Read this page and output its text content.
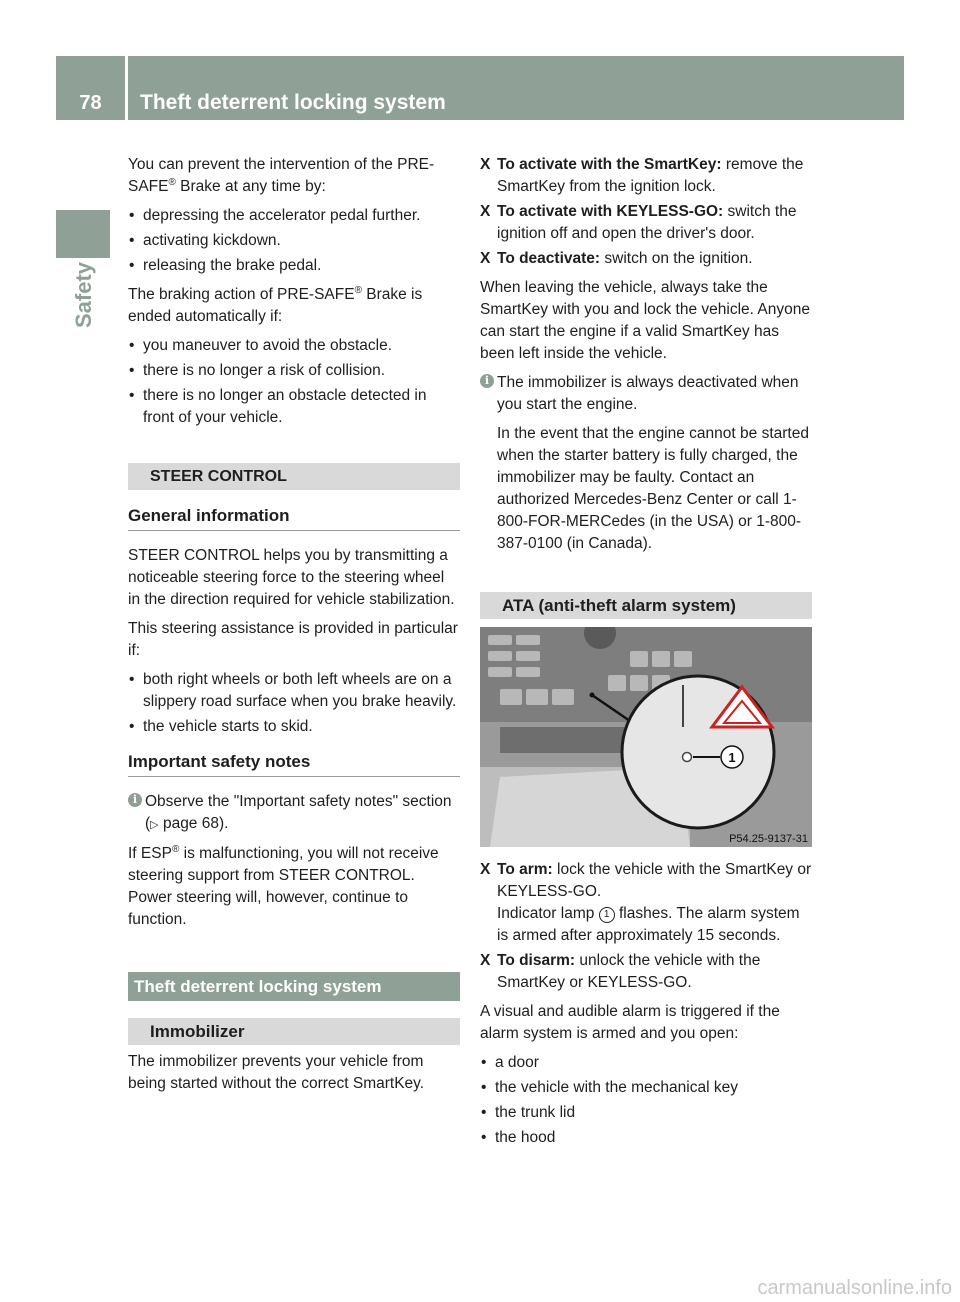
78	Theft deterrent locking system
Safety

You can prevent the intervention of the PRE-SAFE® Brake at any time by:

• depressing the accelerator pedal further.
• activating kickdown.
• releasing the brake pedal.

The braking action of PRE-SAFE® Brake is ended automatically if:

• you maneuver to avoid the obstacle.
• there is no longer a risk of collision.
• there is no longer an obstacle detected in front of your vehicle.
STEER CONTROL
General information

STEER CONTROL helps you by transmitting a noticeable steering force to the steering wheel in the direction required for vehicle stabilization.

This steering assistance is provided in particular if:

• both right wheels or both left wheels are on a slippery road surface when you brake heavily.
• the vehicle starts to skid.
Important safety notes
i Observe the "Important safety notes" section (▷ page 68).

If ESP® is malfunctioning, you will not receive steering support from STEER CONTROL. Power steering will, however, continue to function.

Theft deterrent locking system
Immobilizer

The immobilizer prevents your vehicle from being started without the correct SmartKey.

X To activate with the SmartKey: remove the SmartKey from the ignition lock.
X To activate with KEYLESS-GO: switch the ignition off and open the driver's door.
X To deactivate: switch on the ignition.

When leaving the vehicle, always take the SmartKey with you and lock the vehicle. Anyone can start the engine if a valid SmartKey has been left inside the vehicle.

i The immobilizer is always deactivated when you start the engine.

In the event that the engine cannot be started when the starter battery is fully charged, the immobilizer may be faulty. Contact an authorized Mercedes-Benz Center or call 1-800-FOR-MERCedes (in the USA) or 1-800-387-0100 (in Canada).

ATA (anti-theft alarm system)
1
P54.25-9137-31
X To arm: lock the vehicle with the SmartKey or KEYLESS-GO.
Indicator lamp 1 flashes. The alarm system is armed after approximately 15 seconds.
X To disarm: unlock the vehicle with the SmartKey or KEYLESS-GO.

A visual and audible alarm is triggered if the alarm system is armed and you open:

• a door
• the vehicle with the mechanical key
• the trunk lid
• the hood
carmanualsonline.info
